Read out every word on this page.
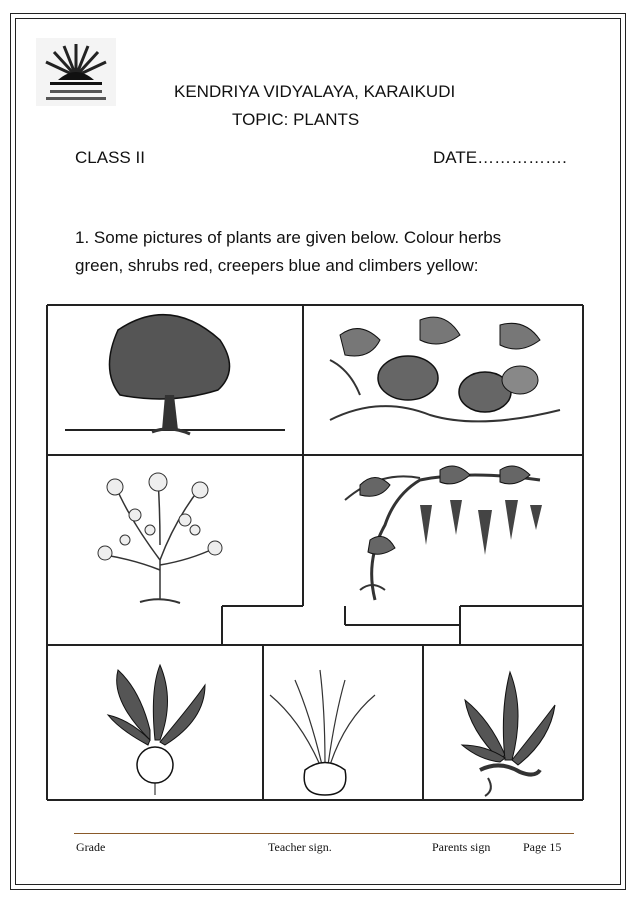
KENDRIYA VIDYALAYA, KARAIKUDI
TOPIC: PLANTS
CLASS II	DATE…………….
1. Some pictures of plants are given below. Colour herbs green, shrubs red, creepers blue and climbers yellow:
Grade	Teacher sign.	Parents sign	Page 15
